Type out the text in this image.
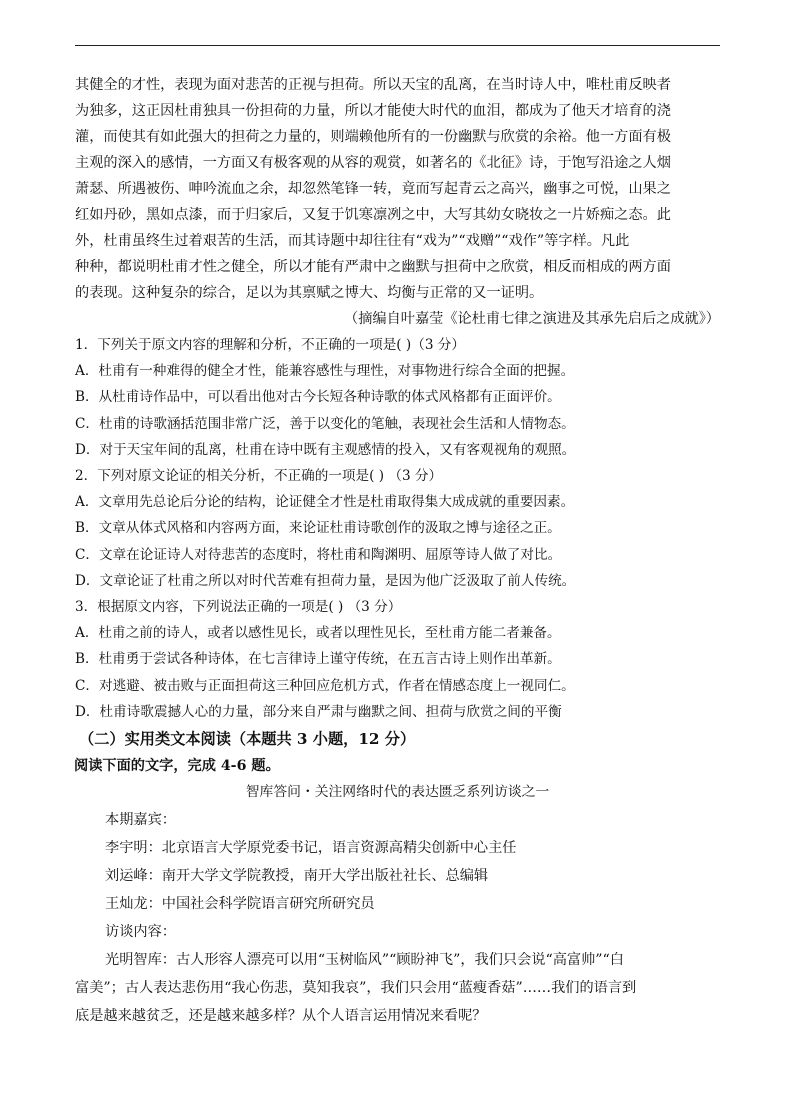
其健全的才性，表现为面对悲苦的正视与担荷。所以天宝的乱离，在当时诗人中，唯杜甫反映者

为独多，这正因杜甫独具一份担荷的力量，所以才能使大时代的血泪，都成为了他天才培育的浇

灌，而使其有如此强大的担荷之力量的，则端赖他所有的一份幽默与欣赏的余裕。他一方面有极

主观的深入的感情，一方面又有极客观的从容的观赏，如著名的《北征》诗，于饱写沿途之人烟

萧瑟、所遇被伤、呻吟流血之余，却忽然笔锋一转，竟而写起青云之高兴，幽事之可悦，山果之

红如丹砂，黑如点漆，而于归家后，又复于饥寒凛冽之中，大写其幼女晓妆之一片娇痴之态。此

外，杜甫虽终生过着艰苦的生活，而其诗题中却往往有“戏为”“戏赠”“戏作”等字样。凡此

种种，都说明杜甫才性之健全，所以才能有严肃中之幽默与担荷中之欣赏，相反而相成的两方面

的表现。这种复杂的综合，足以为其禀赋之博大、均衡与正常的又一证明。

（摘编自叶嘉莹《论杜甫七律之演进及其承先启后之成就》）

1．下列关于原文内容的理解和分析，不正确的一项是( )（3 分）

A．杜甫有一种难得的健全才性，能兼容感性与理性，对事物进行综合全面的把握。

B．从杜甫诗作品中，可以看出他对古今长短各种诗歌的体式风格都有正面评价。

C．杜甫的诗歌涵括范围非常广泛，善于以变化的笔触，表现社会生活和人情物态。

D．对于天宝年间的乱离，杜甫在诗中既有主观感情的投入，又有客观视角的观照。

2．下列对原文论证的相关分析，不正确的一项是( ) （3 分）

A．文章用先总论后分论的结构，论证健全才性是杜甫取得集大成成就的重要因素。

B．文章从体式风格和内容两方面，来论证杜甫诗歌创作的汲取之博与途径之正。

C．文章在论证诗人对待悲苦的态度时，将杜甫和陶渊明、屈原等诗人做了对比。

D．文章论证了杜甫之所以对时代苦难有担荷力量，是因为他广泛汲取了前人传统。

3．根据原文内容，下列说法正确的一项是( ) （3 分）

A．杜甫之前的诗人，或者以感性见长，或者以理性见长，至杜甫方能二者兼备。

B．杜甫勇于尝试各种诗体，在七言律诗上谨守传统，在五言古诗上则作出革新。

C．对逃避、被击败与正面担荷这三种回应危机方式，作者在情感态度上一视同仁。

D．杜甫诗歌震撼人心的力量，部分来自严肃与幽默之间、担荷与欣赏之间的平衡

（二）实用类文本阅读（本题共 3 小题，12 分）
阅读下面的文字，完成 4-6 题。
智库答问・关注网络时代的表达匮乏系列访谈之一
本期嘉宾：
李宇明：北京语言大学原党委书记，语言资源高精尖创新中心主任
刘运峰：南开大学文学院教授，南开大学出版社社长、总编辑
王灿龙：中国社会科学院语言研究所研究员
访谈内容：

光明智库：古人形容人漂亮可以用“玉树临风”“顾盼神飞”，我们只会说“高富帅”“白

富美”；古人表达悲伤用“我心伤悲，莫知我哀”，我们只会用“蓝瘦香菇”……我们的语言到

底是越来越贫乏，还是越来越多样？从个人语言运用情况来看呢？
